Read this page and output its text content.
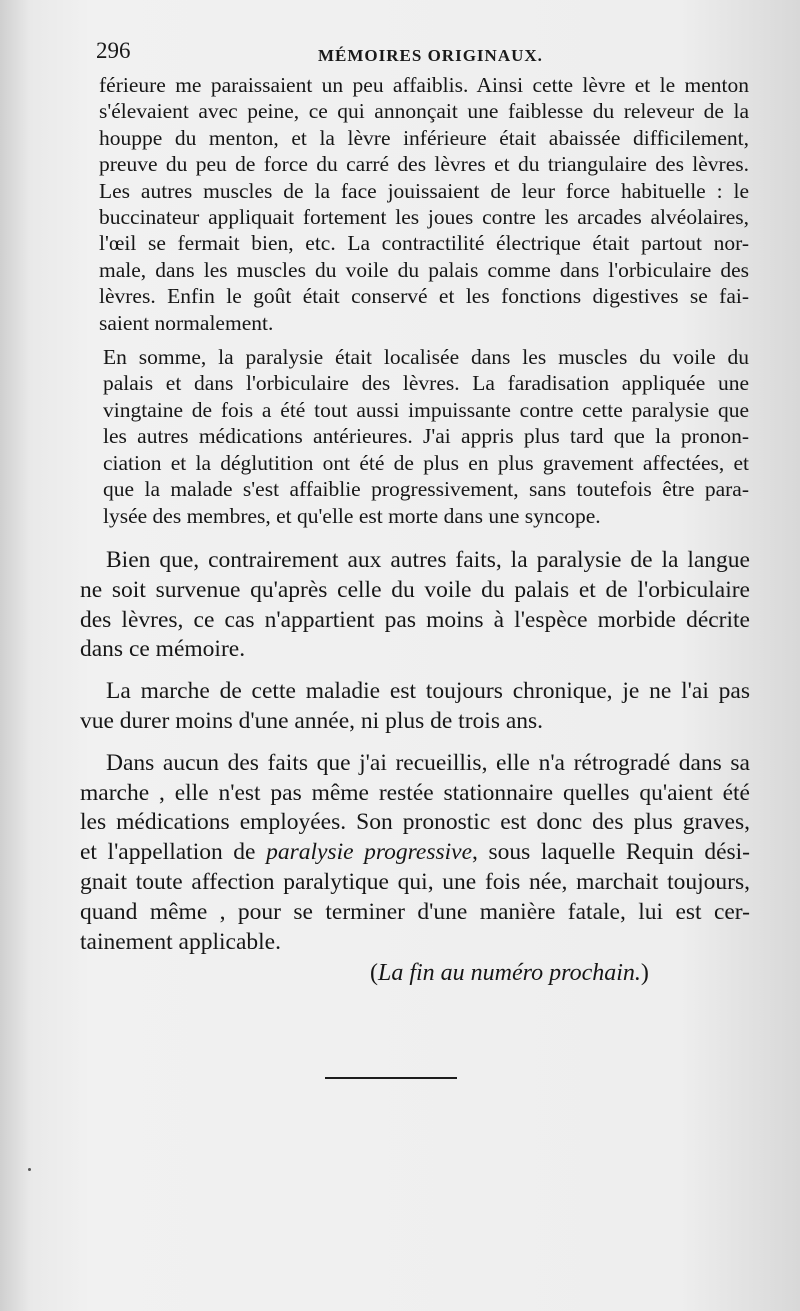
296	MÉMOIRES ORIGINAUX.
férieure me paraissaient un peu affaiblis. Ainsi cette lèvre et le menton
s'élevaient avec peine, ce qui annonçait une faiblesse du releveur de la
houppe du menton, et la lèvre inférieure était abaissée difficilement,
preuve du peu de force du carré des lèvres et du triangulaire des lèvres.
Les autres muscles de la face jouissaient de leur force habituelle : le
buccinateur appliquait fortement les joues contre les arcades alvéolaires,
l'œil se fermait bien, etc. La contractilité électrique était partout nor-
male, dans les muscles du voile du palais comme dans l'orbiculaire des
lèvres. Enfin le goût était conservé et les fonctions digestives se fai-
saient normalement.
En somme, la paralysie était localisée dans les muscles du voile du
palais et dans l'orbiculaire des lèvres. La faradisation appliquée une
vingtaine de fois a été tout aussi impuissante contre cette paralysie que
les autres médications antérieures. J'ai appris plus tard que la pronon-
ciation et la déglutition ont été de plus en plus gravement affectées, et
que la malade s'est affaiblie progressivement, sans toutefois être para-
lysée des membres, et qu'elle est morte dans une syncope.
Bien que, contrairement aux autres faits, la paralysie de la langue
ne soit survenue qu'après celle du voile du palais et de l'orbiculaire
des lèvres, ce cas n'appartient pas moins à l'espèce morbide décrite
dans ce mémoire.
La marche de cette maladie est toujours chronique, je ne l'ai pas
vue durer moins d'une année, ni plus de trois ans.
Dans aucun des faits que j'ai recueillis, elle n'a rétrogradé dans sa
marche , elle n'est pas même restée stationnaire quelles qu'aient été
les médications employées. Son pronostic est donc des plus graves,
et l'appellation de paralysie progressive, sous laquelle Requin dési-
gnait toute affection paralytique qui, une fois née, marchait toujours,
quand même , pour se terminer d'une manière fatale, lui est cer-
tainement applicable.
(La fin au numéro prochain.)
